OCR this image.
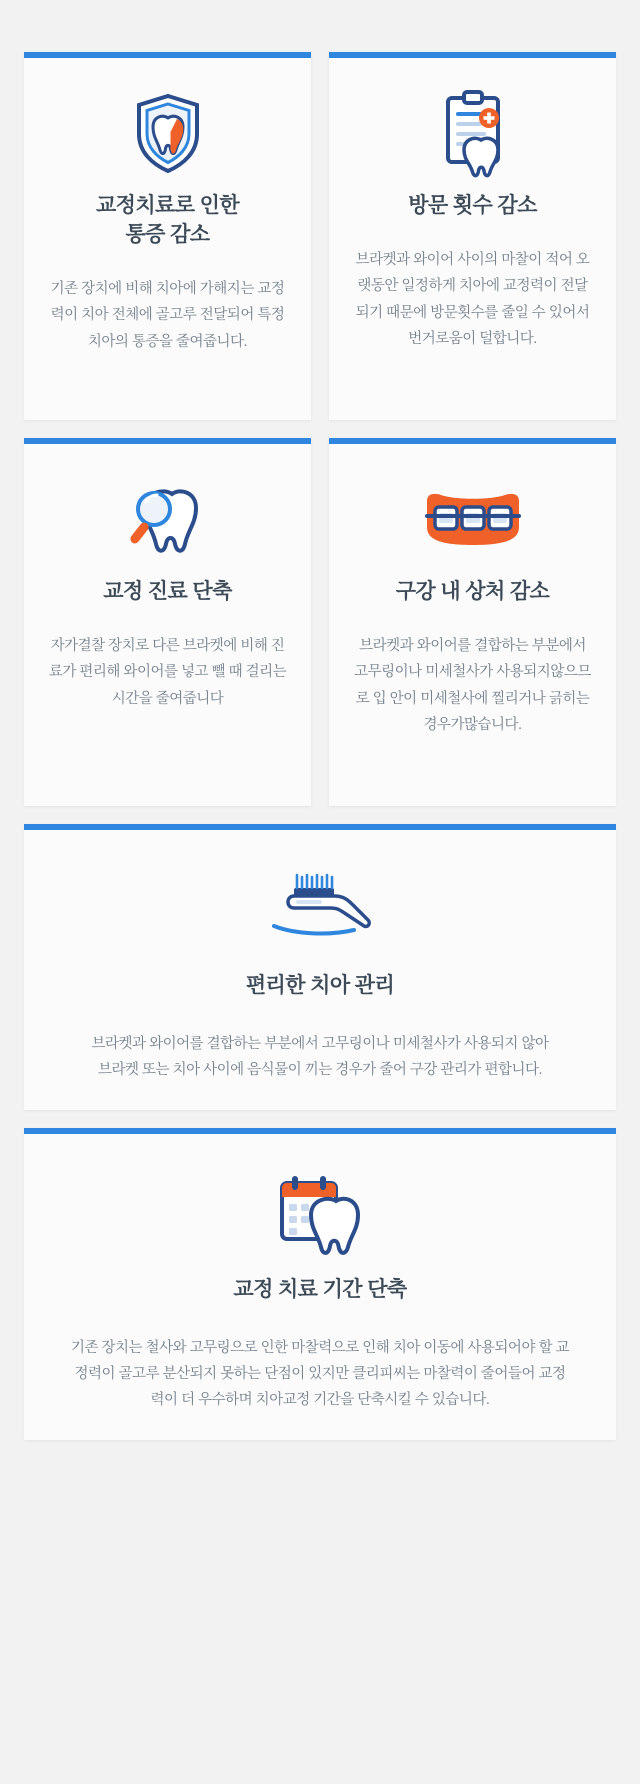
교정치료로 인한
통증 감소
기존 장치에 비해 치아에 가해지는 교정력이 치아 전체에 골고루 전달되어 특정 치아의 통증을 줄여줍니다.
방문 횟수 감소
브라켓과 와이어 사이의 마찰이 적어 오랫동안 일정하게 치아에 교정력이 전달되기 때문에 방문횟수를 줄일 수 있어서 번거로움이 덜합니다.
교정 진료 단축
자가결찰 장치로 다른 브라켓에 비해 진료가 편리해 와이어를 넣고 뺄 때 걸리는 시간을 줄여줍니다
구강 내 상처 감소
브라켓과 와이어를 결합하는 부분에서 고무링이나 미세철사가 사용되지않으므로 입 안이 미세철사에 찔리거나 긁히는 경우가많습니다.
편리한 치아 관리
브라켓과 와이어를 결합하는 부분에서 고무링이나 미세철사가 사용되지 않아 브라켓 또는 치아 사이에 음식물이 끼는 경우가 줄어 구강 관리가 편합니다.
교정 치료 기간 단축
기존 장치는 철사와 고무링으로 인한 마찰력으로 인해 치아 이동에 사용되어야 할 교정력이 골고루 분산되지 못하는 단점이 있지만 클리피씨는 마찰력이 줄어들어 교정력이 더 우수하며 치아교정 기간을 단축시킬 수 있습니다.
